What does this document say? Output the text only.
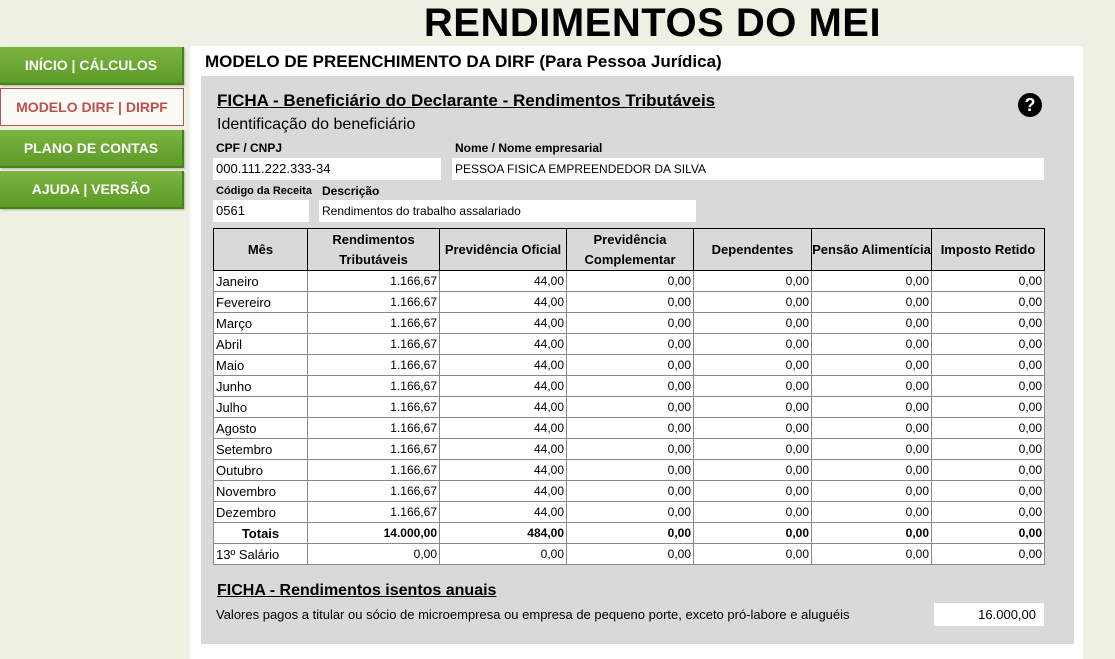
RENDIMENTOS DO MEI
INÍCIO | CÁLCULOS
MODELO DIRF | DIRPF
PLANO DE CONTAS
AJUDA | VERSÃO
MODELO DE PREENCHIMENTO DA DIRF (Para Pessoa Jurídica)
FICHA - Beneficiário do Declarante - Rendimentos Tributáveis	?
Identificação do beneficiário
CPF / CNPJ
000.111.222.333-34
Nome / Nome empresarial
PESSOA FISICA EMPREENDEDOR DA SILVA
Código da Receita
0561
Descrição
Rendimentos do trabalho assalariado
Mês	Rendimentos Tributáveis	Previdência Oficial	Previdência Complementar	Dependentes	Pensão Alimentícia	Imposto Retido
Janeiro	1.166,67	44,00	0,00	0,00	0,00	0,00
Fevereiro	1.166,67	44,00	0,00	0,00	0,00	0,00
Março	1.166,67	44,00	0,00	0,00	0,00	0,00
Abril	1.166,67	44,00	0,00	0,00	0,00	0,00
Maio	1.166,67	44,00	0,00	0,00	0,00	0,00
Junho	1.166,67	44,00	0,00	0,00	0,00	0,00
Julho	1.166,67	44,00	0,00	0,00	0,00	0,00
Agosto	1.166,67	44,00	0,00	0,00	0,00	0,00
Setembro	1.166,67	44,00	0,00	0,00	0,00	0,00
Outubro	1.166,67	44,00	0,00	0,00	0,00	0,00
Novembro	1.166,67	44,00	0,00	0,00	0,00	0,00
Dezembro	1.166,67	44,00	0,00	0,00	0,00	0,00
Totais	14.000,00	484,00	0,00	0,00	0,00	0,00
13º Salário	0,00	0,00	0,00	0,00	0,00	0,00
FICHA - Rendimentos isentos anuais
Valores pagos a titular ou sócio de microempresa ou empresa de pequeno porte, exceto pró-labore e aluguéis	16.000,00
